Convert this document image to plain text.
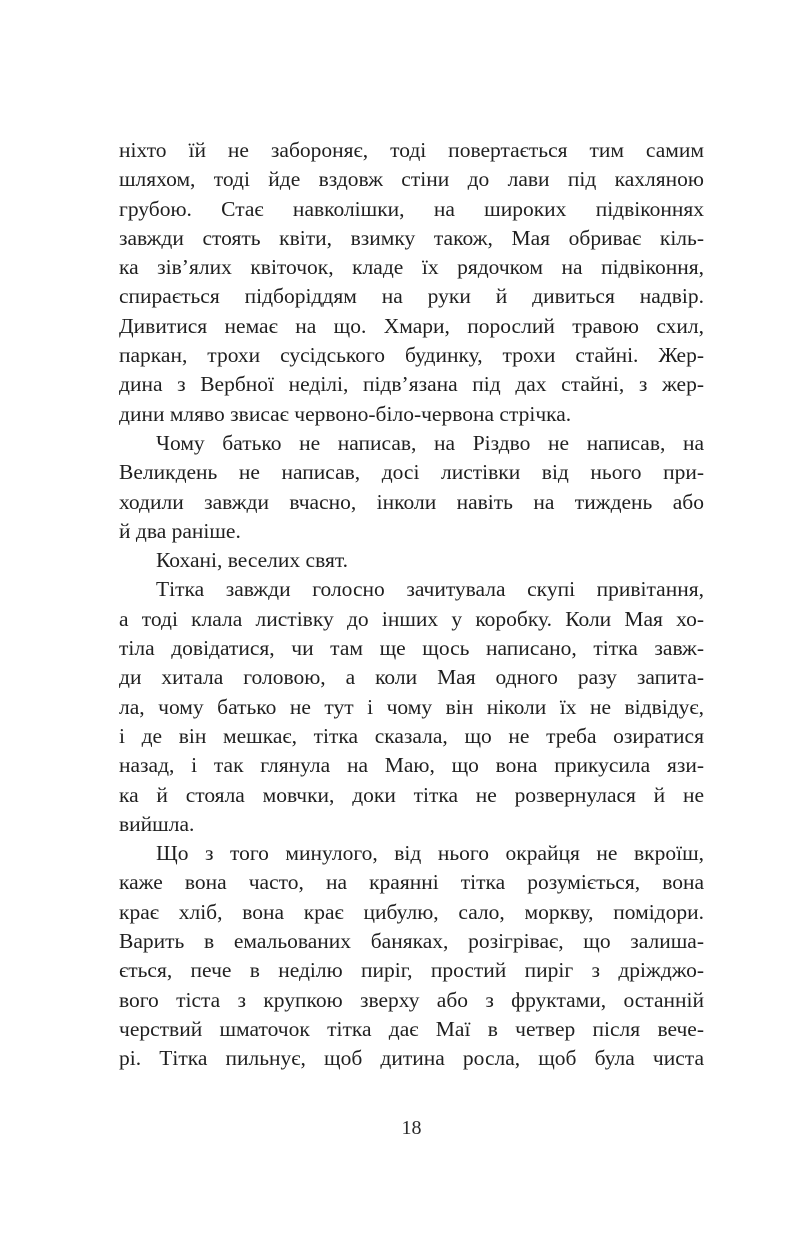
ніхто їй не забороняє, тоді повертається тим самим
шляхом, тоді йде вздовж стіни до лави під кахляною
грубою. Стає навколішки, на широких підвіконнях
завжди стоять квіти, взимку також, Мая обриває кіль-
ка зів’ялих квіточок, кладе їх рядочком на підвіконня,
спирається підборіддям на руки й дивиться надвір.
Дивитися немає на що. Хмари, порослий травою схил,
паркан, трохи сусідського будинку, трохи стайні. Жер-
дина з Вербної неділі, підв’язана під дах стайні, з жер-
дини мляво звисає червоно-біло-червона стрічка.
Чому батько не написав, на Різдво не написав, на
Великдень не написав, досі листівки від нього при-
ходили завжди вчасно, інколи навіть на тиждень або
й два раніше.
Кохані, веселих свят.
Тітка завжди голосно зачитувала скупі привітання,
а тоді клала листівку до інших у коробку. Коли Мая хо-
тіла довідатися, чи там ще щось написано, тітка завж-
ди хитала головою, а коли Мая одного разу запита-
ла, чому батько не тут і чому він ніколи їх не відвідує,
і де він мешкає, тітка сказала, що не треба озиратися
назад, і так глянула на Маю, що вона прикусила язи-
ка й стояла мовчки, доки тітка не розвернулася й не
вийшла.
Що з того минулого, від нього окрайця не вкроїш,
каже вона часто, на краянні тітка розуміється, вона
крає хліб, вона крає цибулю, сало, моркву, помідори.
Варить в емальованих баняках, розігріває, що залиша-
ється, пече в неділю пиріг, простий пиріг з дріжджо-
вого тіста з крупкою зверху або з фруктами, останній
черствий шматочок тітка дає Маї в четвер після вече-
рі. Тітка пильнує, щоб дитина росла, щоб була чиста
18
